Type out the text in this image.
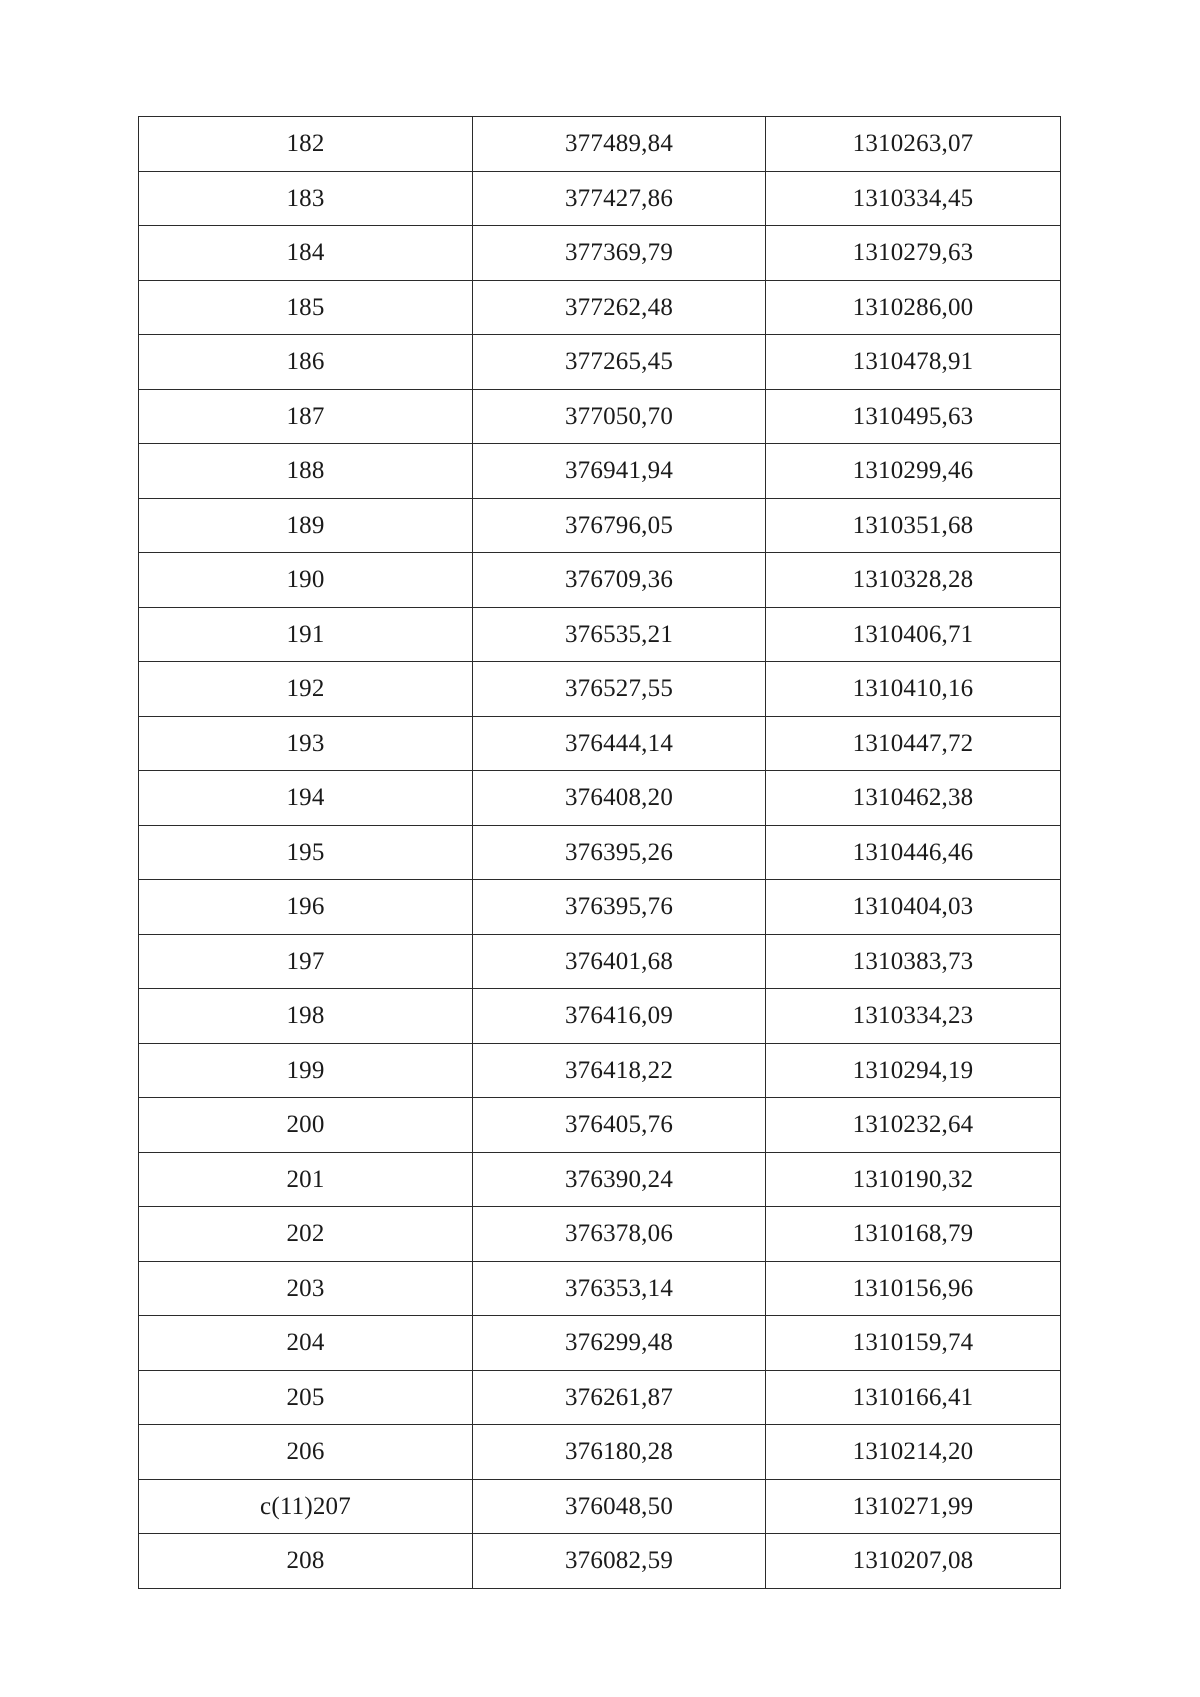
182	377489,84	1310263,07
183	377427,86	1310334,45
184	377369,79	1310279,63
185	377262,48	1310286,00
186	377265,45	1310478,91
187	377050,70	1310495,63
188	376941,94	1310299,46
189	376796,05	1310351,68
190	376709,36	1310328,28
191	376535,21	1310406,71
192	376527,55	1310410,16
193	376444,14	1310447,72
194	376408,20	1310462,38
195	376395,26	1310446,46
196	376395,76	1310404,03
197	376401,68	1310383,73
198	376416,09	1310334,23
199	376418,22	1310294,19
200	376405,76	1310232,64
201	376390,24	1310190,32
202	376378,06	1310168,79
203	376353,14	1310156,96
204	376299,48	1310159,74
205	376261,87	1310166,41
206	376180,28	1310214,20
c(11)207	376048,50	1310271,99
208	376082,59	1310207,08
